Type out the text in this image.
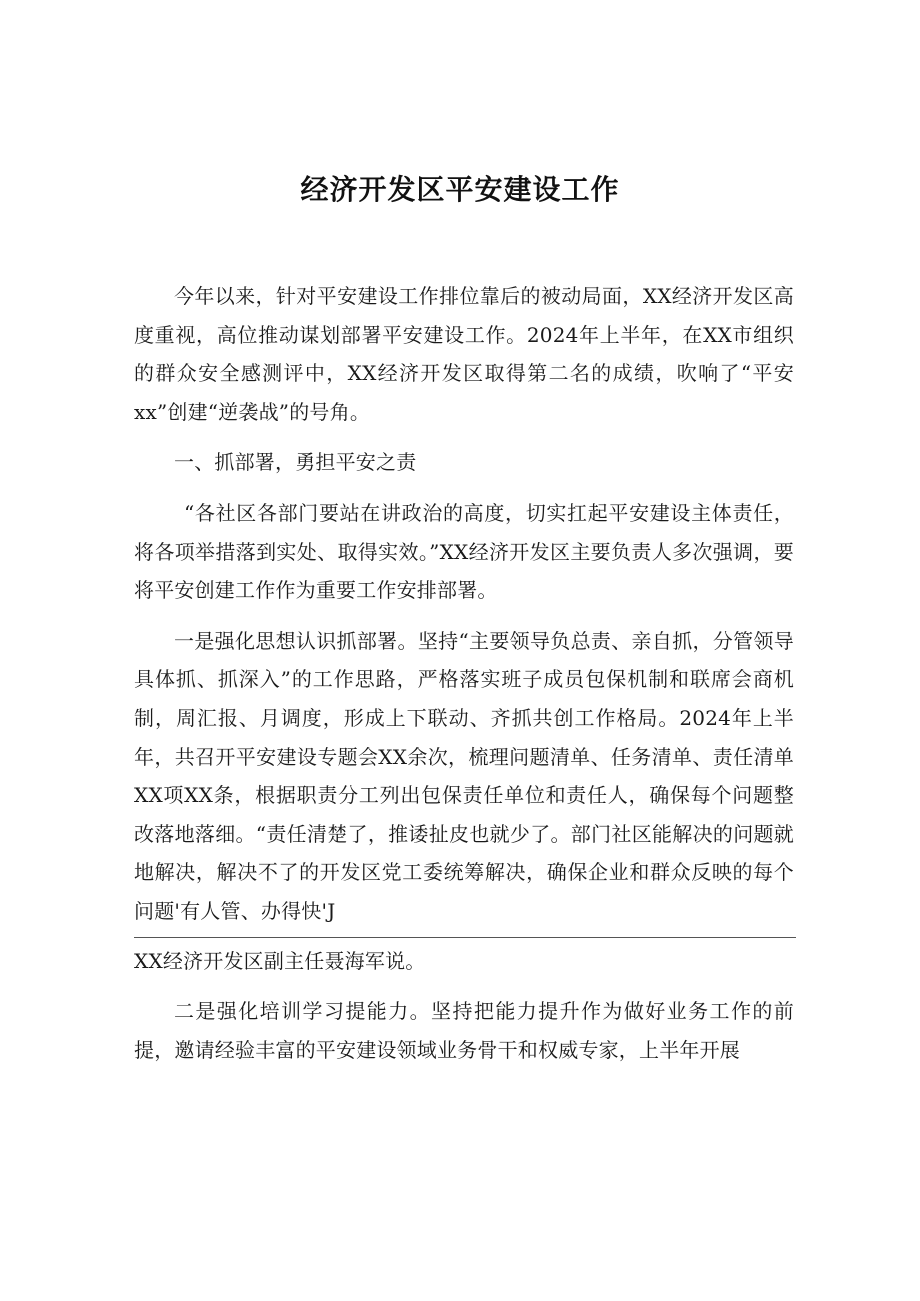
经济开发区平安建设工作

今年以来，针对平安建设工作排位靠后的被动局面，XX经济开发区高度重视，高位推动谋划部署平安建设工作。2024年上半年，在XX市组织的群众安全感测评中，XX经济开发区取得第二名的成绩，吹响了“平安xx”创建“逆袭战”的号角。

一、抓部署，勇担平安之责

“各社区各部门要站在讲政治的高度，切实扛起平安建设主体责任，将各项举措落到实处、取得实效。”XX经济开发区主要负责人多次强调，要将平安创建工作作为重要工作安排部署。

一是强化思想认识抓部署。坚持“主要领导负总责、亲自抓，分管领导具体抓、抓深入”的工作思路，严格落实班子成员包保机制和联席会商机制，周汇报、月调度，形成上下联动、齐抓共创工作格局。2024年上半年，共召开平安建设专题会XX余次，梳理问题清单、任务清单、责任清单XX项XX条，根据职责分工列出包保责任单位和责任人，确保每个问题整改落地落细。“责任清楚了，推诿扯皮也就少了。部门社区能解决的问题就地解决，解决不了的开发区党工委统筹解决，确保企业和群众反映的每个问题'有人管、办得快'J

XX经济开发区副主任聂海军说。

二是强化培训学习提能力。坚持把能力提升作为做好业务工作的前提，邀请经验丰富的平安建设领域业务骨干和权威专家，上半年开展
